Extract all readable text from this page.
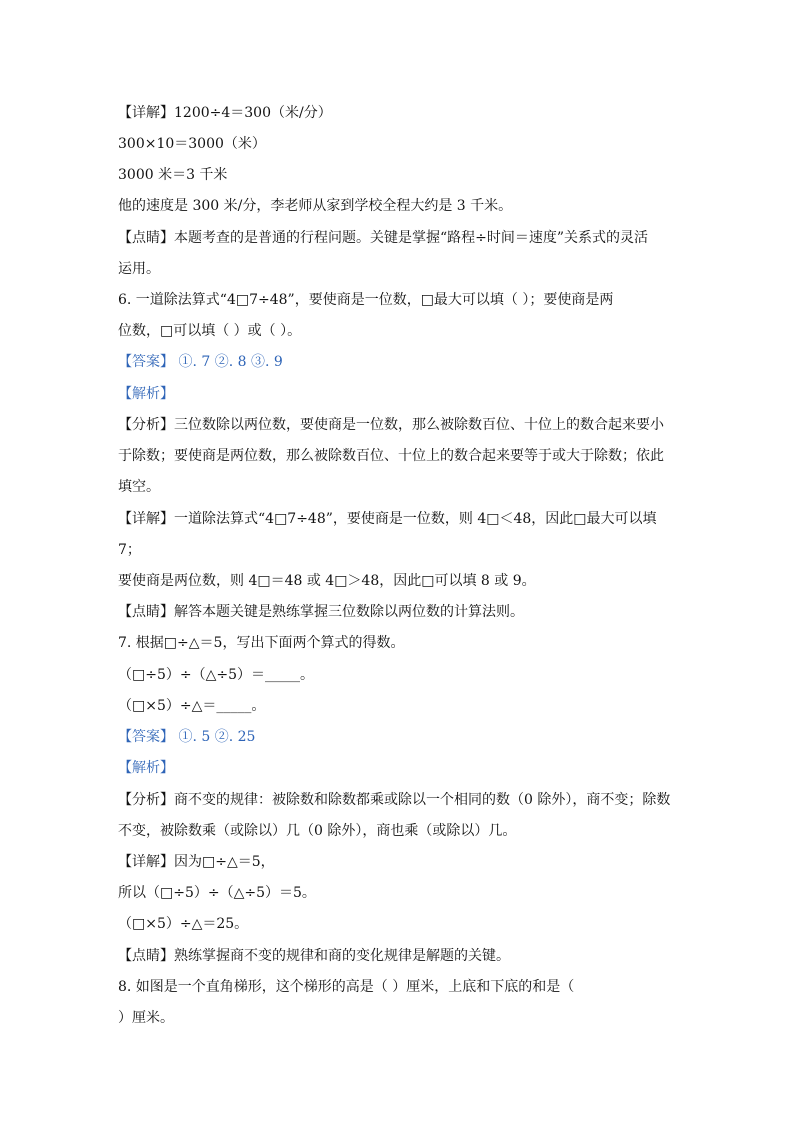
【详解】1200÷4＝300（米/分）
300×10＝3000（米）
3000 米＝3 千米
他的速度是 300 米/分，李老师从家到学校全程大约是 3 千米。
【点睛】本题考查的是普通的行程问题。关键是掌握“路程÷时间＝速度”关系式的灵活
运用。
6. 一道除法算式“4□7÷48”，要使商是一位数，□最大可以填（ ）；要使商是两
位数，□可以填（ ）或（ ）。
【答案】 ①. 7 ②. 8 ③. 9
【解析】
【分析】三位数除以两位数，要使商是一位数，那么被除数百位、十位上的数合起来要小
于除数；要使商是两位数，那么被除数百位、十位上的数合起来要等于或大于除数；依此
填空。
【详解】一道除法算式“4□7÷48”，要使商是一位数，则 4□＜48，因此□最大可以填
7；
要使商是两位数，则 4□＝48 或 4□＞48，因此□可以填 8 或 9。
【点睛】解答本题关键是熟练掌握三位数除以两位数的计算法则。
7. 根据□÷△＝5，写出下面两个算式的得数。
（□÷5）÷（△÷5）＝_____。
（□×5）÷△＝_____。
【答案】 ①. 5 ②. 25
【解析】
【分析】商不变的规律：被除数和除数都乘或除以一个相同的数（0 除外），商不变；除数
不变，被除数乘（或除以）几（0 除外），商也乘（或除以）几。
【详解】因为□÷△＝5，
所以（□÷5）÷（△÷5）＝5。
（□×5）÷△＝25。
【点睛】熟练掌握商不变的规律和商的变化规律是解题的关键。
8. 如图是一个直角梯形，这个梯形的高是（ ）厘米，上底和下底的和是（
）厘米。
